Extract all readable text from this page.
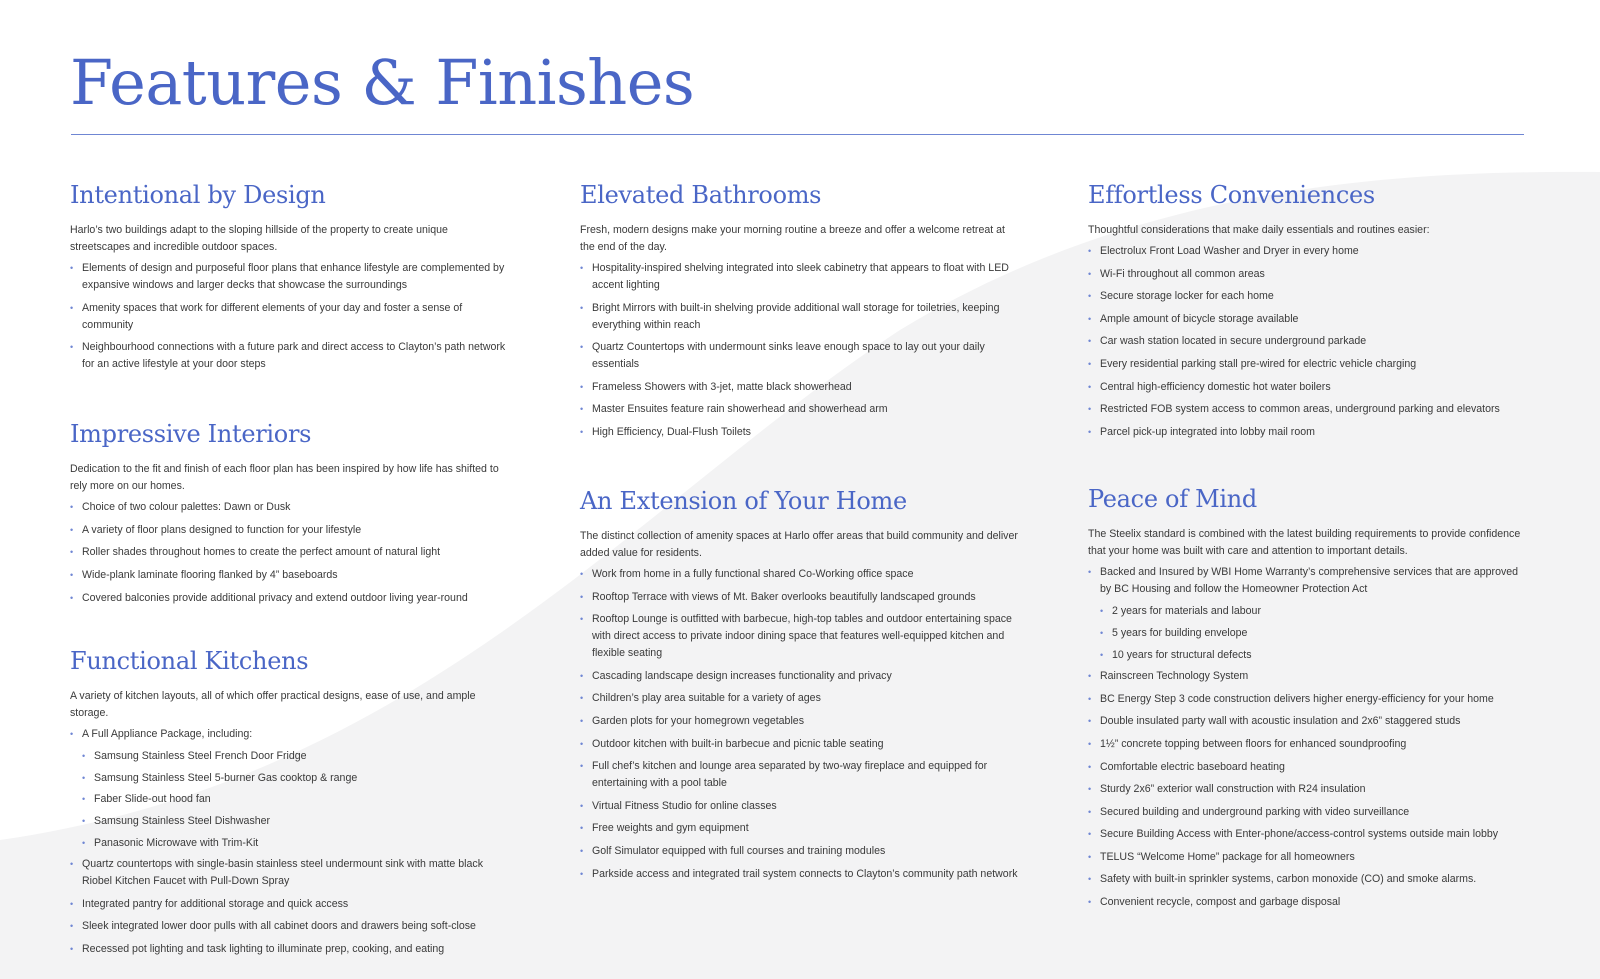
Features & Finishes
Intentional by Design

Harlo’s two buildings adapt to the sloping hillside of the property to create unique streetscapes and incredible outdoor spaces.

• Elements of design and purposeful floor plans that enhance lifestyle are complemented by expansive windows and larger decks that showcase the surroundings
• Amenity spaces that work for different elements of your day and foster a sense of community
• Neighbourhood connections with a future park and direct access to Clayton’s path network for an active lifestyle at your door steps
Impressive Interiors

Dedication to the fit and finish of each floor plan has been inspired by how life has shifted to rely more on our homes.

• Choice of two colour palettes: Dawn or Dusk
• A variety of floor plans designed to function for your lifestyle
• Roller shades throughout homes to create the perfect amount of natural light
• Wide-plank laminate flooring flanked by 4” baseboards
• Covered balconies provide additional privacy and extend outdoor living year-round
Functional Kitchens

A variety of kitchen layouts, all of which offer practical designs, ease of use, and ample storage.

• A Full Appliance Package, including:
• Samsung Stainless Steel French Door Fridge
• Samsung Stainless Steel 5-burner Gas cooktop & range
• Faber Slide-out hood fan
• Samsung Stainless Steel Dishwasher
• Panasonic Microwave with Trim-Kit
• Quartz countertops with single-basin stainless steel undermount sink with matte black Riobel Kitchen Faucet with Pull-Down Spray
• Integrated pantry for additional storage and quick access
• Sleek integrated lower door pulls with all cabinet doors and drawers being soft-close
• Recessed pot lighting and task lighting to illuminate prep, cooking, and eating
Elevated Bathrooms

Fresh, modern designs make your morning routine a breeze and offer a welcome retreat at the end of the day.

• Hospitality-inspired shelving integrated into sleek cabinetry that appears to float with LED accent lighting
• Bright Mirrors with built-in shelving provide additional wall storage for toiletries, keeping everything within reach
• Quartz Countertops with undermount sinks leave enough space to lay out your daily essentials
• Frameless Showers with 3-jet, matte black showerhead
• Master Ensuites feature rain showerhead and showerhead arm
• High Efficiency, Dual-Flush Toilets
An Extension of Your Home

The distinct collection of amenity spaces at Harlo offer areas that build community and deliver added value for residents.

• Work from home in a fully functional shared Co-Working office space
• Rooftop Terrace with views of Mt. Baker overlooks beautifully landscaped grounds
• Rooftop Lounge is outfitted with barbecue, high-top tables and outdoor entertaining space with direct access to private indoor dining space that features well-equipped kitchen and flexible seating
• Cascading landscape design increases functionality and privacy
• Children’s play area suitable for a variety of ages
• Garden plots for your homegrown vegetables
• Outdoor kitchen with built-in barbecue and picnic table seating
• Full chef’s kitchen and lounge area separated by two-way fireplace and equipped for entertaining with a pool table
• Virtual Fitness Studio for online classes
• Free weights and gym equipment
• Golf Simulator equipped with full courses and training modules
• Parkside access and integrated trail system connects to Clayton’s community path network
Effortless Conveniences

Thoughtful considerations that make daily essentials and routines easier:

• Electrolux Front Load Washer and Dryer in every home
• Wi-Fi throughout all common areas
• Secure storage locker for each home
• Ample amount of bicycle storage available
• Car wash station located in secure underground parkade
• Every residential parking stall pre-wired for electric vehicle charging
• Central high-efficiency domestic hot water boilers
• Restricted FOB system access to common areas, underground parking and elevators
• Parcel pick-up integrated into lobby mail room
Peace of Mind

The Steelix standard is combined with the latest building requirements to provide confidence that your home was built with care and attention to important details.

• Backed and Insured by WBI Home Warranty’s comprehensive services that are approved by BC Housing and follow the Homeowner Protection Act
• 2 years for materials and labour
• 5 years for building envelope
• 10 years for structural defects
• Rainscreen Technology System
• BC Energy Step 3 code construction delivers higher energy-efficiency for your home
• Double insulated party wall with acoustic insulation and 2x6” staggered studs
• 1½” concrete topping between floors for enhanced soundproofing
• Comfortable electric baseboard heating
• Sturdy 2x6” exterior wall construction with R24 insulation
• Secured building and underground parking with video surveillance
• Secure Building Access with Enter-phone/access-control systems outside main lobby
• TELUS “Welcome Home” package for all homeowners
• Safety with built-in sprinkler systems, carbon monoxide (CO) and smoke alarms.
• Convenient recycle, compost and garbage disposal
